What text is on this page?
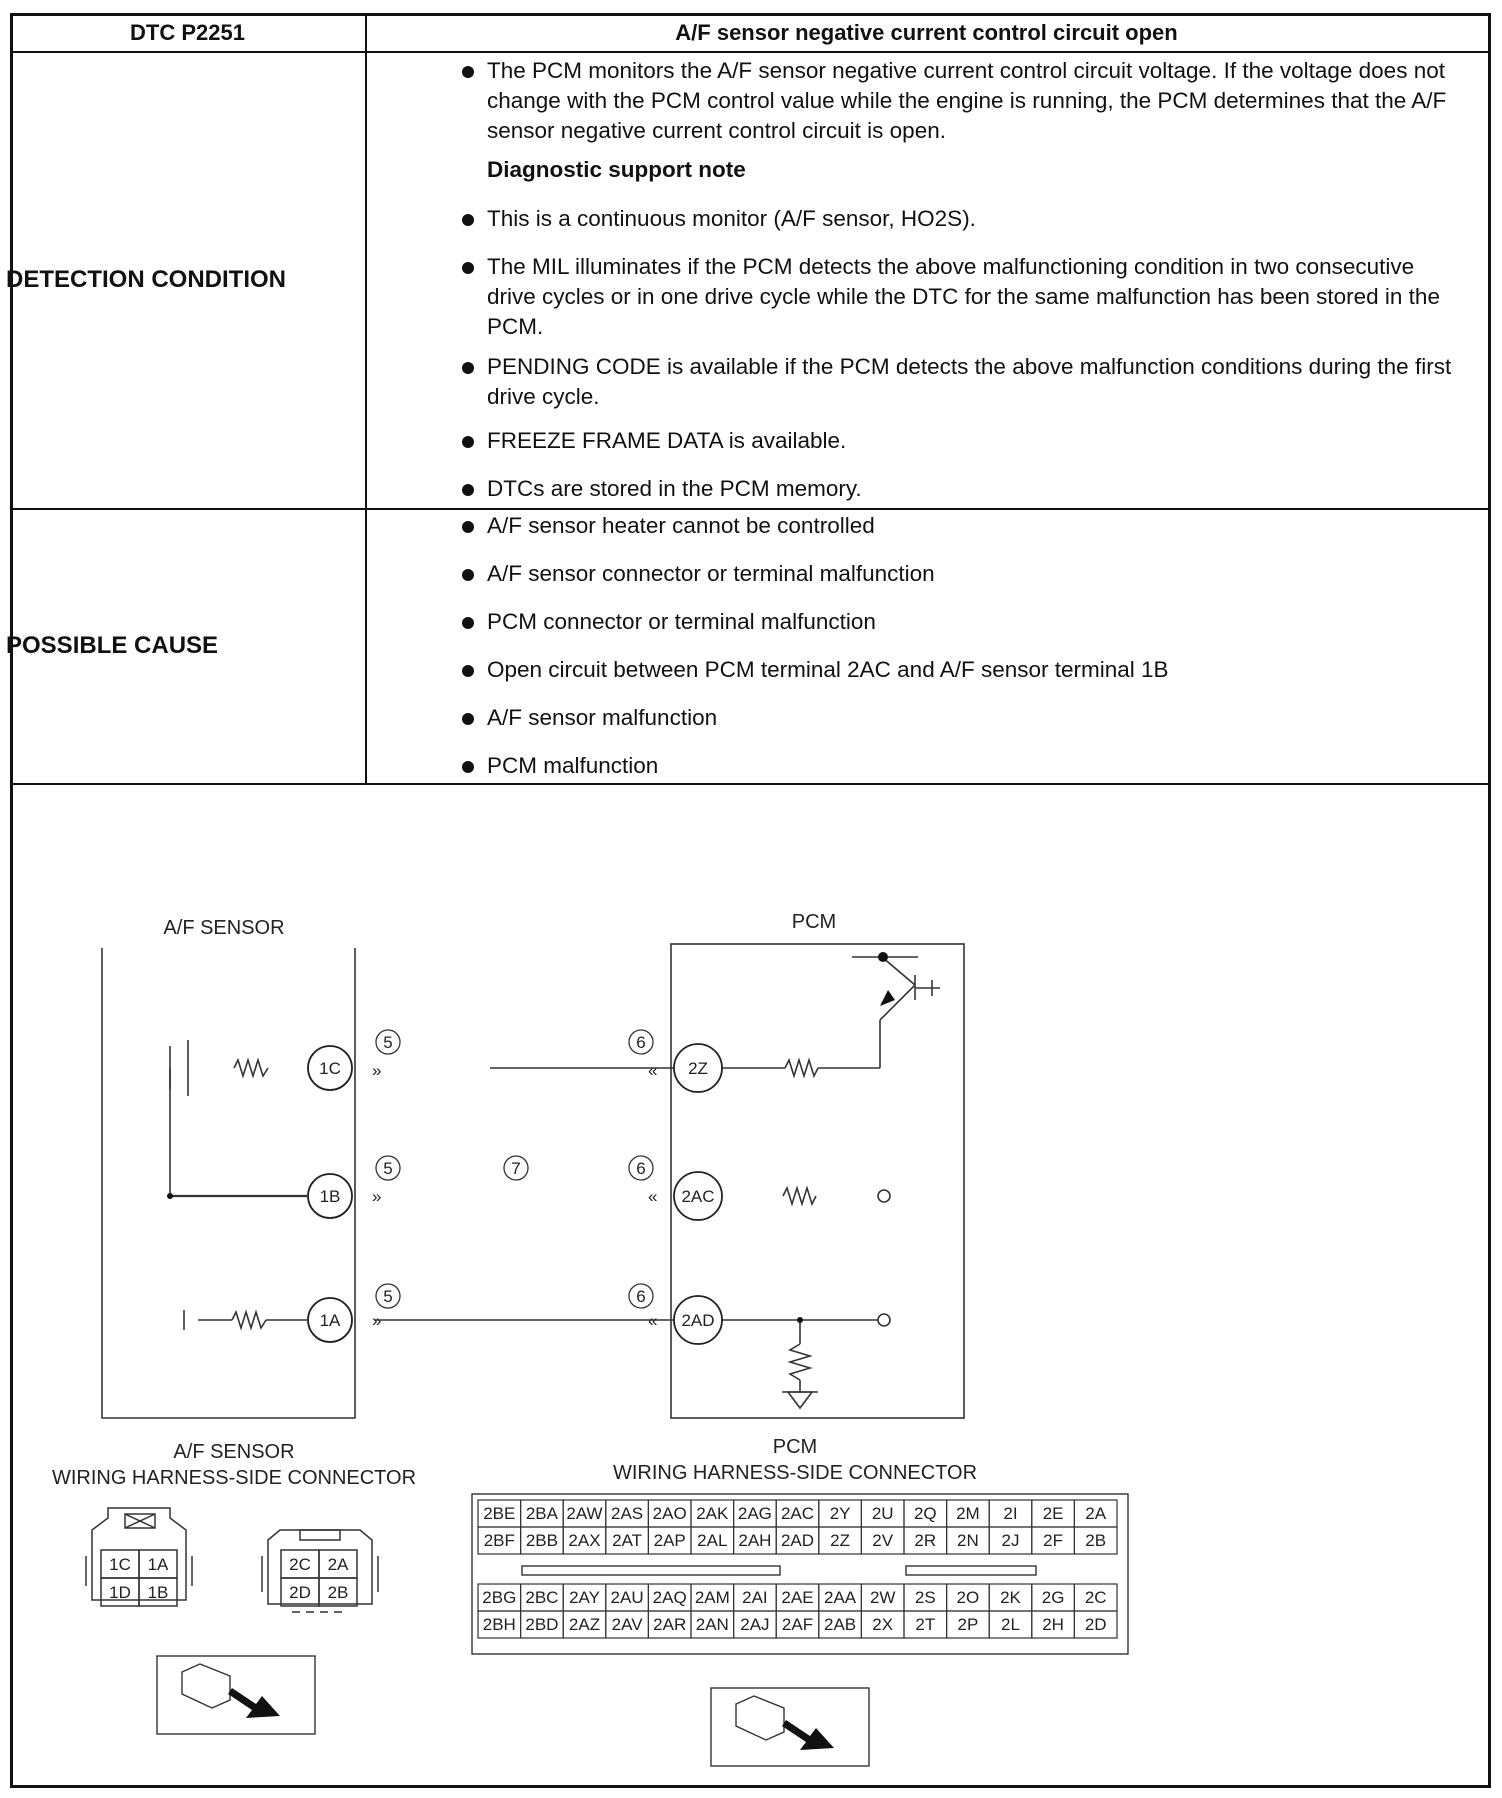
DTC P2251	A/F sensor negative current control circuit open
DETECTION CONDITION
The PCM monitors the A/F sensor negative current control circuit voltage. If the voltage does not change with the PCM control value while the engine is running, the PCM determines that the A/F sensor negative current control circuit is open.
Diagnostic support note
This is a continuous monitor (A/F sensor, HO2S).
The MIL illuminates if the PCM detects the above malfunctioning condition in two consecutive drive cycles or in one drive cycle while the DTC for the same malfunction has been stored in the PCM.
PENDING CODE is available if the PCM detects the above malfunction conditions during the first drive cycle.
FREEZE FRAME DATA is available.
DTCs are stored in the PCM memory.
POSSIBLE CAUSE
A/F sensor heater cannot be controlled
A/F sensor connector or terminal malfunction
PCM connector or terminal malfunction
Open circuit between PCM terminal 2AC and A/F sensor terminal 1B
A/F sensor malfunction
PCM malfunction
»
»
»
«
«
«
A/F SENSOR	PCM
1C
1B
1A
2Z
2AC
2AD
5
5
5
6
6
6
7
A/F SENSOR
WIRING HARNESS-SIDE CONNECTOR
PCM
WIRING HARNESS-SIDE CONNECTOR
1C 1A
1D 1B
2C 2A
2D 2B
2BE 2BA 2AW 2AS 2AO 2AK 2AG 2AC 2Y 2U 2Q 2M 2I 2E 2A
2BF 2BB 2AX 2AT 2AP 2AL 2AH 2AD 2Z 2V 2R 2N 2J 2F 2B
2BG 2BC 2AY 2AU 2AQ 2AM 2AI 2AE 2AA 2W 2S 2O 2K 2G 2C
2BH 2BD 2AZ 2AV 2AR 2AN 2AJ 2AF 2AB 2X 2T 2P 2L 2H 2D
